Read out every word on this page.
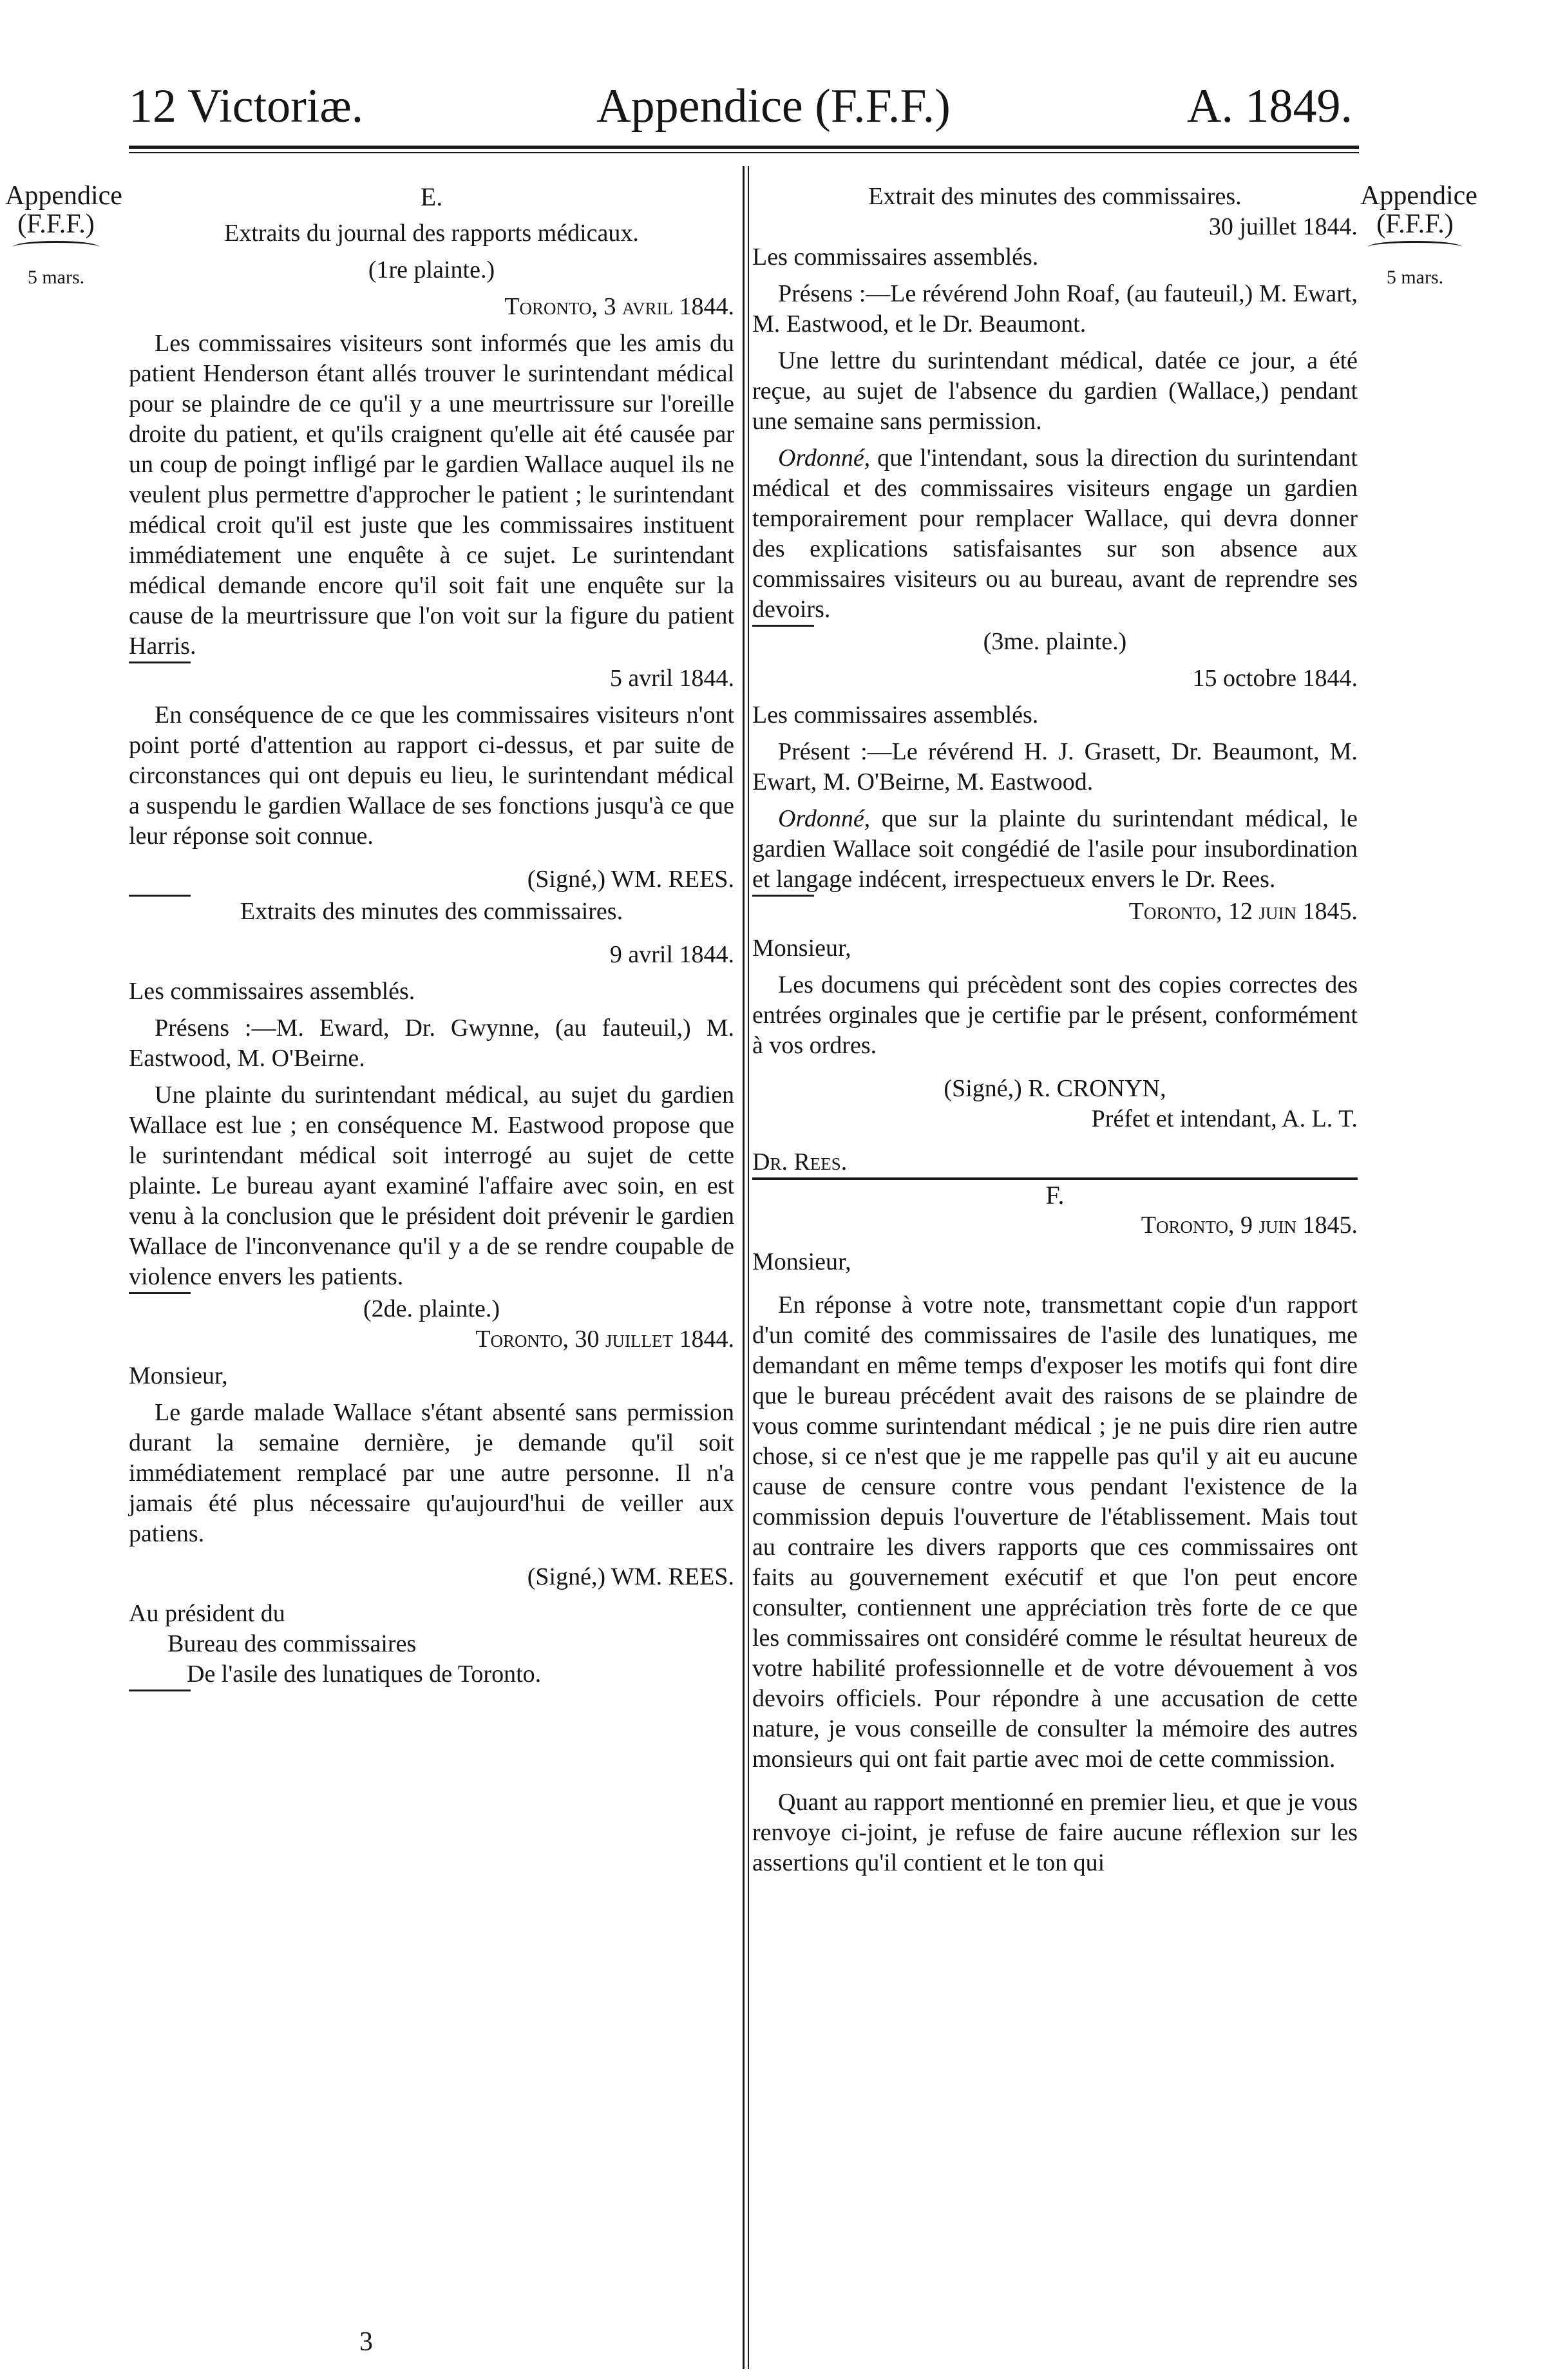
12 Victoriæ.	Appendice (F.F.F.)	A. 1849.
Appendice
(F.F.F.)
5 mars.
Appendice
(F.F.F.)
5 mars.
E.
Extraits du journal des rapports médicaux.
(1re plainte.)
Toronto, 3 avril 1844.

Les commissaires visiteurs sont informés que les amis du patient Henderson étant allés trouver le surintendant médical pour se plaindre de ce qu'il y a une meurtrissure sur l'oreille droite du patient, et qu'ils craignent qu'elle ait été causée par un coup de poingt infligé par le gardien Wallace auquel ils ne veulent plus permettre d'approcher le patient ; le surintendant médical croit qu'il est juste que les commissaires instituent immédiatement une enquête à ce sujet. Le surintendant médical demande encore qu'il soit fait une enquête sur la cause de la meurtrissure que l'on voit sur la figure du patient Harris.

5 avril 1844.

En conséquence de ce que les commissaires visiteurs n'ont point porté d'attention au rapport ci-dessus, et par suite de circonstances qui ont depuis eu lieu, le surintendant médical a suspendu le gardien Wallace de ses fonctions jusqu'à ce que leur réponse soit connue.

(Signé,) WM. REES.
Extraits des minutes des commissaires.
9 avril 1844.

Les commissaires assemblés.

Présens :—M. Eward, Dr. Gwynne, (au fauteuil,) M. Eastwood, M. O'Beirne.

Une plainte du surintendant médical, au sujet du gardien Wallace est lue ; en conséquence M. Eastwood propose que le surintendant médical soit interrogé au sujet de cette plainte. Le bureau ayant examiné l'affaire avec soin, en est venu à la conclusion que le président doit prévenir le gardien Wallace de l'inconvenance qu'il y a de se rendre coupable de violence envers les patients.

(2de. plainte.)
Toronto, 30 juillet 1844.

Monsieur,

Le garde malade Wallace s'étant absenté sans permission durant la semaine dernière, je demande qu'il soit immédiatement remplacé par une autre personne. Il n'a jamais été plus nécessaire qu'aujourd'hui de veiller aux patiens.

(Signé,) WM. REES.
Au président du
Bureau des commissaires
De l'asile des lunatiques de Toronto.
3
Extrait des minutes des commissaires.
30 juillet 1844.

Les commissaires assemblés.

Présens :—Le révérend John Roaf, (au fauteuil,) M. Ewart, M. Eastwood, et le Dr. Beaumont.

Une lettre du surintendant médical, datée ce jour, a été reçue, au sujet de l'absence du gardien (Wallace,) pendant une semaine sans permission.

Ordonné, que l'intendant, sous la direction du surintendant médical et des commissaires visiteurs engage un gardien temporairement pour remplacer Wallace, qui devra donner des explications satisfaisantes sur son absence aux commissaires visiteurs ou au bureau, avant de reprendre ses devoirs.

(3me. plainte.)
15 octobre 1844.

Les commissaires assemblés.

Présent :—Le révérend H. J. Grasett, Dr. Beaumont, M. Ewart, M. O'Beirne, M. Eastwood.

Ordonné, que sur la plainte du surintendant médical, le gardien Wallace soit congédié de l'asile pour insubordination et langage indécent, irrespectueux envers le Dr. Rees.

Toronto, 12 juin 1845.

Monsieur,

Les documens qui précèdent sont des copies correctes des entrées orginales que je certifie par le présent, conformément à vos ordres.

(Signé,) R. CRONYN,
Préfet et intendant, A. L. T.

Dr. Rees.

F.
Toronto, 9 juin 1845.

Monsieur,

En réponse à votre note, transmettant copie d'un rapport d'un comité des commissaires de l'asile des lunatiques, me demandant en même temps d'exposer les motifs qui font dire que le bureau précédent avait des raisons de se plaindre de vous comme surintendant médical ; je ne puis dire rien autre chose, si ce n'est que je me rappelle pas qu'il y ait eu aucune cause de censure contre vous pendant l'existence de la commission depuis l'ouverture de l'établissement. Mais tout au contraire les divers rapports que ces commissaires ont faits au gouvernement exécutif et que l'on peut encore consulter, contiennent une appréciation très forte de ce que les commissaires ont considéré comme le résultat heureux de votre habilité professionnelle et de votre dévouement à vos devoirs officiels. Pour répondre à une accusation de cette nature, je vous conseille de consulter la mémoire des autres monsieurs qui ont fait partie avec moi de cette commission.

Quant au rapport mentionné en premier lieu, et que je vous renvoye ci-joint, je refuse de faire aucune réflexion sur les assertions qu'il contient et le ton qui
